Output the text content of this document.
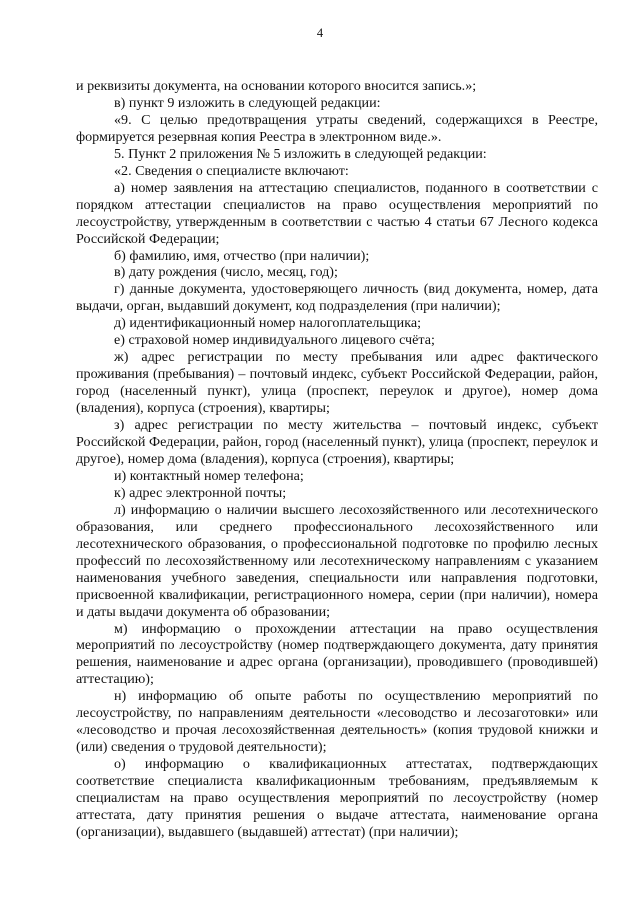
4

и реквизиты документа, на основании которого вносится запись.»;

в) пункт 9 изложить в следующей редакции:

«9. С целью предотвращения утраты сведений, содержащихся в Реестре, формируется резервная копия Реестра в электронном виде.».

5. Пункт 2 приложения № 5 изложить в следующей редакции:

«2. Сведения о специалисте включают:

а) номер заявления на аттестацию специалистов, поданного в соответствии с порядком аттестации специалистов на право осуществления мероприятий по лесоустройству, утвержденным в соответствии с частью 4 статьи 67 Лесного кодекса Российской Федерации;

б) фамилию, имя, отчество (при наличии);

в) дату рождения (число, месяц, год);

г) данные документа, удостоверяющего личность (вид документа, номер, дата выдачи, орган, выдавший документ, код подразделения (при наличии);

д) идентификационный номер налогоплательщика;

е) страховой номер индивидуального лицевого счёта;

ж) адрес регистрации по месту пребывания или адрес фактического проживания (пребывания) – почтовый индекс, субъект Российской Федерации, район, город (населенный пункт), улица (проспект, переулок и другое), номер дома (владения), корпуса (строения), квартиры;

з) адрес регистрации по месту жительства – почтовый индекс, субъект Российской Федерации, район, город (населенный пункт), улица (проспект, переулок и другое), номер дома (владения), корпуса (строения), квартиры;

и) контактный номер телефона;

к) адрес электронной почты;

л) информацию о наличии высшего лесохозяйственного или лесотехнического образования, или среднего профессионального лесохозяйственного или лесотехнического образования, о профессиональной подготовке по профилю лесных профессий по лесохозяйственному или лесотехническому направлениям с указанием наименования учебного заведения, специальности или направления подготовки, присвоенной квалификации, регистрационного номера, серии (при наличии), номера и даты выдачи документа об образовании;

м) информацию о прохождении аттестации на право осуществления мероприятий по лесоустройству (номер подтверждающего документа, дату принятия решения, наименование и адрес органа (организации), проводившего (проводившей) аттестацию);

н) информацию об опыте работы по осуществлению мероприятий по лесоустройству, по направлениям деятельности «лесоводство и лесозаготовки» или «лесоводство и прочая лесохозяйственная деятельность» (копия трудовой книжки и (или) сведения о трудовой деятельности);

о) информацию о квалификационных аттестатах, подтверждающих соответствие специалиста квалификационным требованиям, предъявляемым к специалистам на право осуществления мероприятий по лесоустройству (номер аттестата, дату принятия решения о выдаче аттестата, наименование органа (организации), выдавшего (выдавшей) аттестат) (при наличии);
